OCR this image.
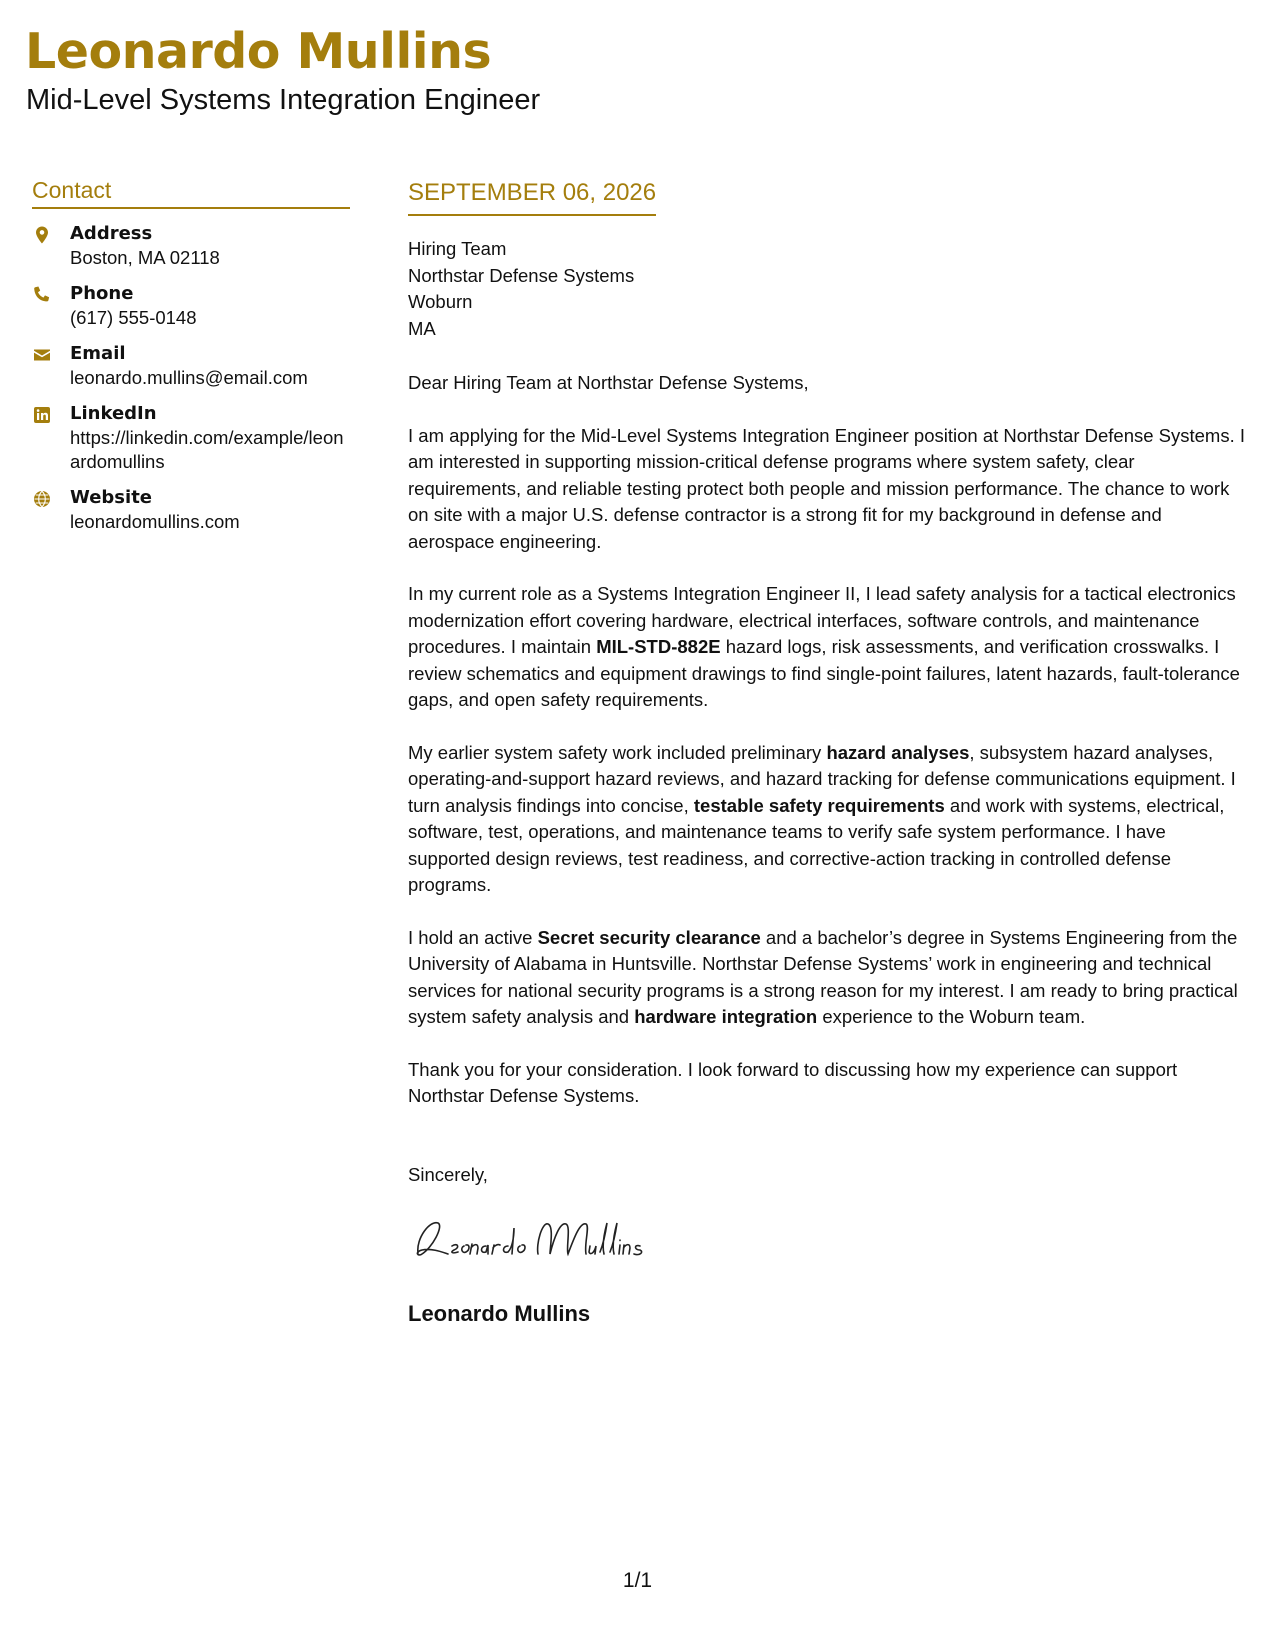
Leonardo Mullins
Mid-Level Systems Integration Engineer
Contact
Address
Boston, MA 02118
Phone
(617) 555-0148
Email
leonardo.mullins@email.com
LinkedIn
https://linkedin.com/example/leonardomullins
Website
leonardomullins.com
SEPTEMBER 06, 2026
Hiring Team
Northstar Defense Systems
Woburn
MA
Dear Hiring Team at Northstar Defense Systems,

I am applying for the Mid-Level Systems Integration Engineer position at Northstar Defense Systems. I am interested in supporting mission-critical defense programs where system safety, clear requirements, and reliable testing protect both people and mission performance. The chance to work on site with a major U.S. defense contractor is a strong fit for my background in defense and aerospace engineering.

In my current role as a Systems Integration Engineer II, I lead safety analysis for a tactical electronics modernization effort covering hardware, electrical interfaces, software controls, and maintenance procedures. I maintain MIL-STD-882E hazard logs, risk assessments, and verification crosswalks. I review schematics and equipment drawings to find single-point failures, latent hazards, fault-tolerance gaps, and open safety requirements.

My earlier system safety work included preliminary hazard analyses, subsystem hazard analyses, operating-and-support hazard reviews, and hazard tracking for defense communications equipment. I turn analysis findings into concise, testable safety requirements and work with systems, electrical, software, test, operations, and maintenance teams to verify safe system performance. I have supported design reviews, test readiness, and corrective-action tracking in controlled defense programs.

I hold an active Secret security clearance and a bachelor’s degree in Systems Engineering from the University of Alabama in Huntsville. Northstar Defense Systems’ work in engineering and technical services for national security programs is a strong reason for my interest. I am ready to bring practical system safety analysis and hardware integration experience to the Woburn team.

Thank you for your consideration. I look forward to discussing how my experience can support Northstar Defense Systems.

Sincerely,
Leonardo Mullins
1/1
